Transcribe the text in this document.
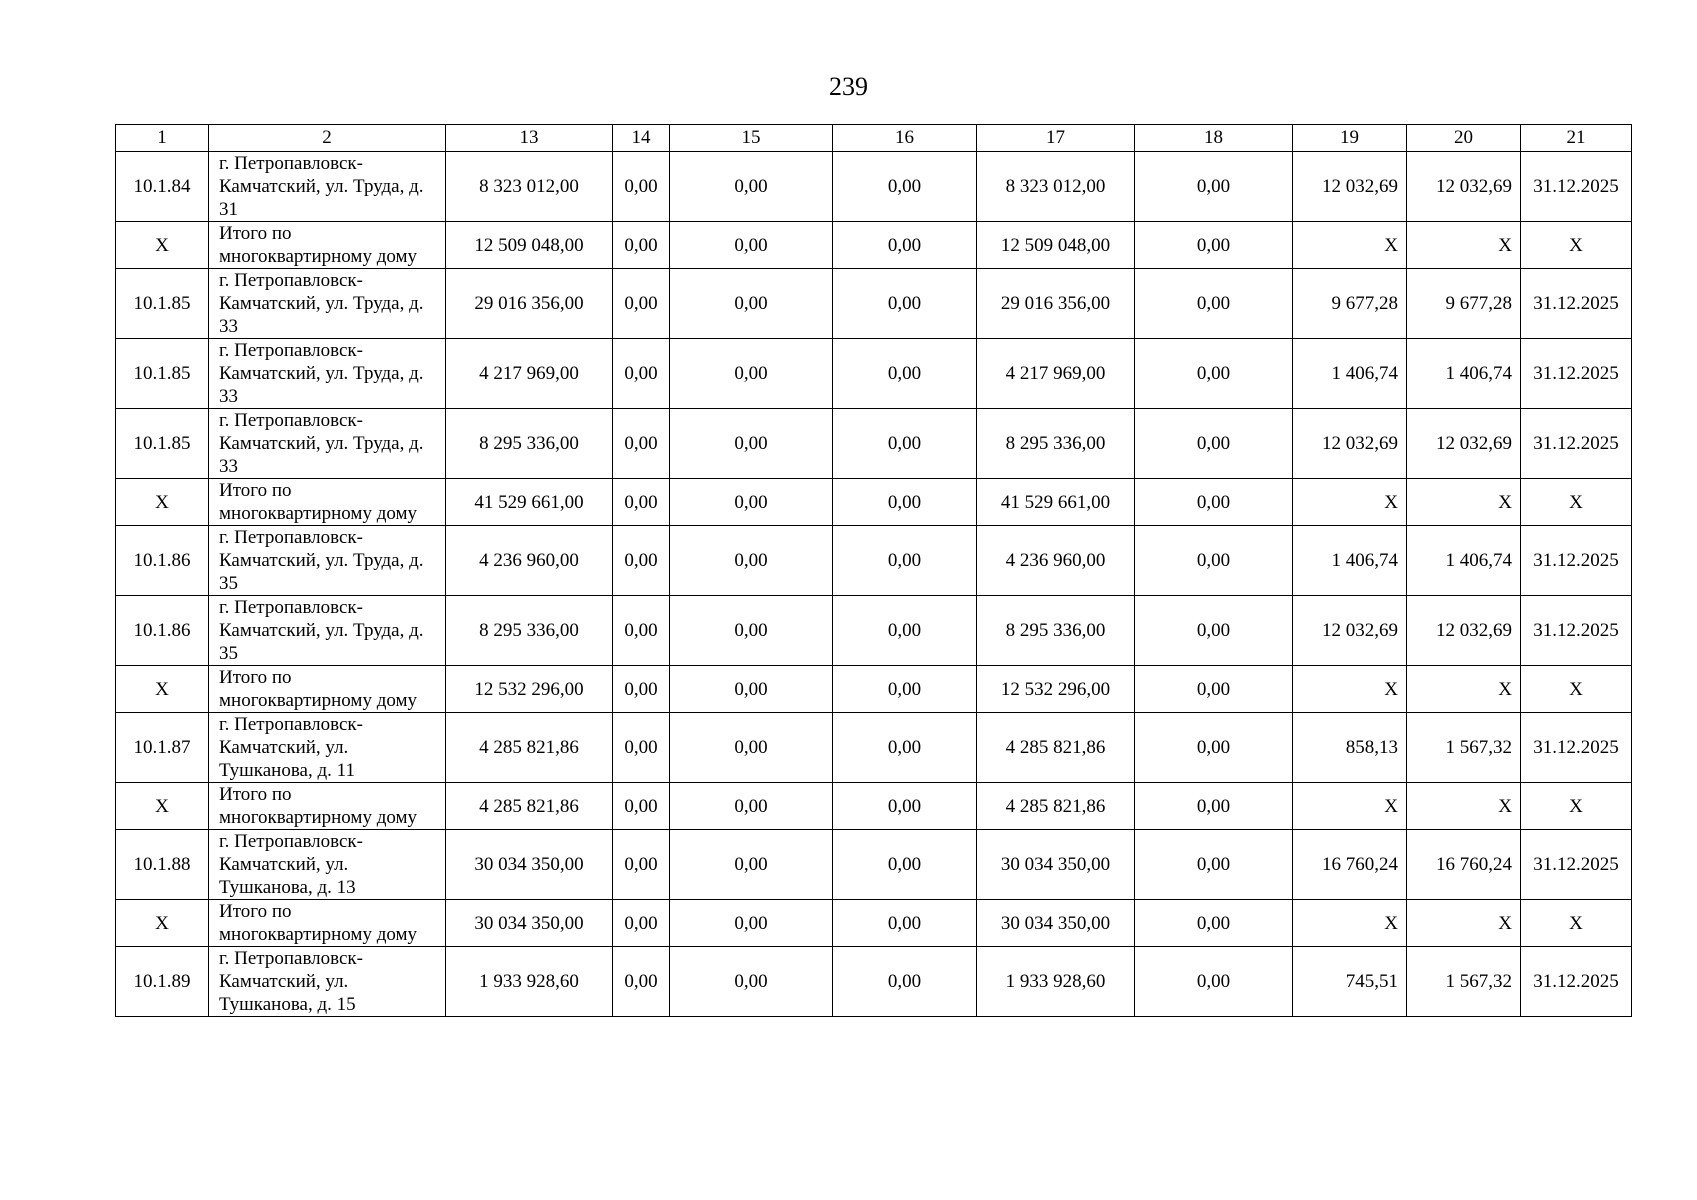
239
1	2	13	14	15	16	17	18	19	20	21
10.1.84	г. Петропавловск-Камчатский, ул. Труда, д. 31	8 323 012,00	0,00	0,00	0,00	8 323 012,00	0,00	12 032,69	12 032,69	31.12.2025
Х	Итого по многоквартирному дому	12 509 048,00	0,00	0,00	0,00	12 509 048,00	0,00	Х	Х	Х
10.1.85	г. Петропавловск-Камчатский, ул. Труда, д. 33	29 016 356,00	0,00	0,00	0,00	29 016 356,00	0,00	9 677,28	9 677,28	31.12.2025
10.1.85	г. Петропавловск-Камчатский, ул. Труда, д. 33	4 217 969,00	0,00	0,00	0,00	4 217 969,00	0,00	1 406,74	1 406,74	31.12.2025
10.1.85	г. Петропавловск-Камчатский, ул. Труда, д. 33	8 295 336,00	0,00	0,00	0,00	8 295 336,00	0,00	12 032,69	12 032,69	31.12.2025
Х	Итого по многоквартирному дому	41 529 661,00	0,00	0,00	0,00	41 529 661,00	0,00	Х	Х	Х
10.1.86	г. Петропавловск-Камчатский, ул. Труда, д. 35	4 236 960,00	0,00	0,00	0,00	4 236 960,00	0,00	1 406,74	1 406,74	31.12.2025
10.1.86	г. Петропавловск-Камчатский, ул. Труда, д. 35	8 295 336,00	0,00	0,00	0,00	8 295 336,00	0,00	12 032,69	12 032,69	31.12.2025
Х	Итого по многоквартирному дому	12 532 296,00	0,00	0,00	0,00	12 532 296,00	0,00	Х	Х	Х
10.1.87	г. Петропавловск-Камчатский, ул. Тушканова, д. 11	4 285 821,86	0,00	0,00	0,00	4 285 821,86	0,00	858,13	1 567,32	31.12.2025
Х	Итого по многоквартирному дому	4 285 821,86	0,00	0,00	0,00	4 285 821,86	0,00	Х	Х	Х
10.1.88	г. Петропавловск-Камчатский, ул. Тушканова, д. 13	30 034 350,00	0,00	0,00	0,00	30 034 350,00	0,00	16 760,24	16 760,24	31.12.2025
Х	Итого по многоквартирному дому	30 034 350,00	0,00	0,00	0,00	30 034 350,00	0,00	Х	Х	Х
10.1.89	г. Петропавловск-Камчатский, ул. Тушканова, д. 15	1 933 928,60	0,00	0,00	0,00	1 933 928,60	0,00	745,51	1 567,32	31.12.2025
